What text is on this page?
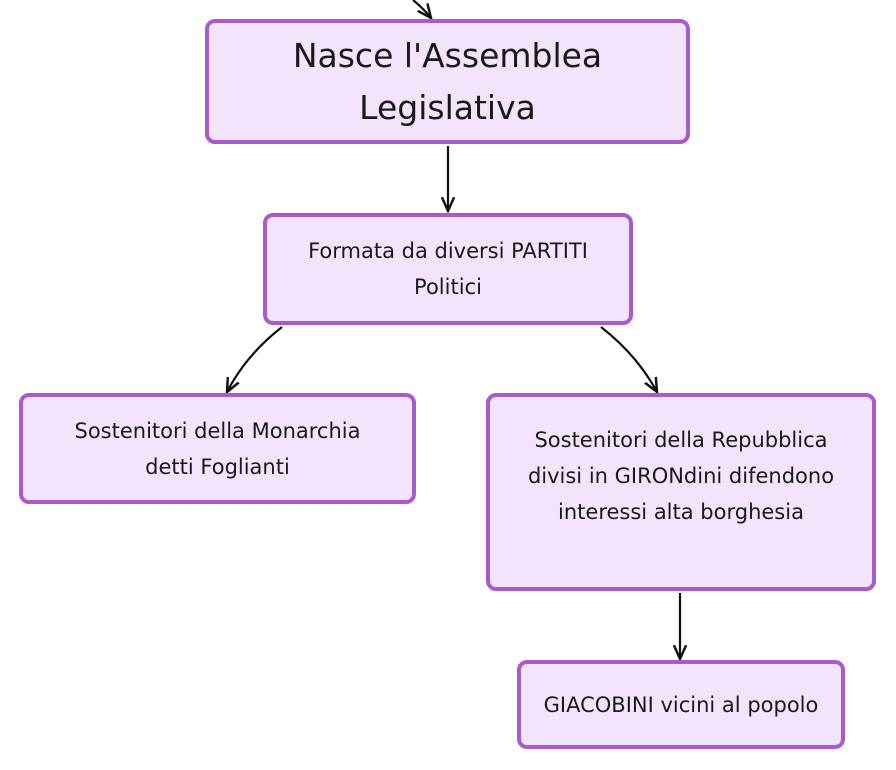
Nasce l'Assemblea
Legislativa
Formata da diversi PARTITI
Politici
Sostenitori della Monarchia
detti Foglianti
Sostenitori della Repubblica
divisi in GIRONdini difendono
interessi alta borghesia
GIACOBINI vicini al popolo
